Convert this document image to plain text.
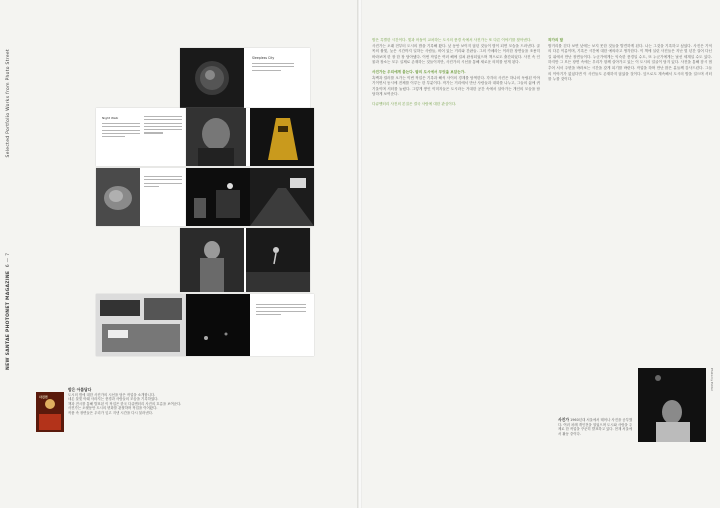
NEW SANTAE PHOTONET MAGAZINE  6 — 7                                                       Selected Portfolio Works from Photo Street	Sleepless City
Night Walk
사진전
밤은 아름답다
도시의 밤에 대한 사진가의 시선을 담은 작업을 소개합니다.
네온 불빛 아래 사라지는 풍경과 사람들의 모습을 기록하였다.
책과 전시를 통해 발표된 이 작업은 한국 다큐멘터리 사진의 흐름을 보여준다.
사진가는 오랫동안 도시의 변화를 관찰하며 작업을 이어왔다.
작품 속 장면들은 우리가 잊고 지낸 시간을 다시 불러낸다.
밤은 특별한 시간이다. 빛과 어둠이 교차하는 도시의 풍경 속에서 사진가는 또 다른 이야기를 찾아낸다.
사진가는 오래 전부터 도시의 밤을 기록해 왔다. 낮 동안 보이지 않던 것들이 밤이 되면 모습을 드러낸다. 골목의 불빛, 늦은 시간까지 일하는 사람들, 비어 있는 거리와 간판들. 그의 카메라는 이러한 장면들을 조용히 바라보며 한 장 한 장 담아냈다. 이번 작업은 여러 해에 걸쳐 완성되었으며 책으로도 출간되었다. 사진 속 인물과 장소는 모두 실제로 존재하는 것들이지만, 사진가의 시선을 통해 새로운 의미를 얻게 된다.
사진가는 우리에게 묻는다. 밤의 도시에서 무엇을 보았는가.
흑백과 컬러를 오가는 이번 작업은 기록과 해석 사이의 경계를 탐색한다. 각각의 사진은 하나의 독립된 이야기이면서 동시에 전체를 이루는 한 부분이다. 작가는 거리에서 만난 사람들과 대화를 나누고, 그들의 삶에 귀 기울이며 셔터를 눌렀다. 그렇게 쌓인 이미지들은 도시라는 거대한 공간 속에서 살아가는 개인의 모습을 담담하게 보여준다.
다큐멘터리 사진의 본질은 결국 사람에 대한 관심이다.
작가의 말
밤거리를 걷다 보면 낮에는 보지 못한 것들을 발견하게 된다. 나는 그것을 기록하고 싶었다. 사진은 기억의 다른 이름이며, 기록은 시간에 대한 예의라고 생각한다. 이 책에 실린 사진들은 지난 몇 년간 걸어 다닌 길 위에서 만난 장면들이다. 누군가에게는 익숙한 풍경일 수도, 또 누군가에게는 낯선 세계일 수도 있다. 하지만 그 모든 장면 속에는 우리가 함께 살아가고 있는 이 도시의 얼굴이 담겨 있다. 사진을 통해 잠시 멈추어 서서 주변을 바라보는 시간을 갖게 되기를 바란다. 작업을 하며 만난 많은 분들께 감사드린다. 그들의 이야기가 없었다면 이 사진들도 존재하지 않았을 것이다. 앞으로도 계속해서 도시의 밤을 걸으며 셔터를 누를 것이다.
사진가 1960년대 서울에서 태어나 사진을 공부했다. 여러 차례 개인전을 열었으며 도시와 사람을 주제로 한 작업을 꾸준히 발표하고 있다. 현재 서울에서 활동 중이다.
Photo by Editor
